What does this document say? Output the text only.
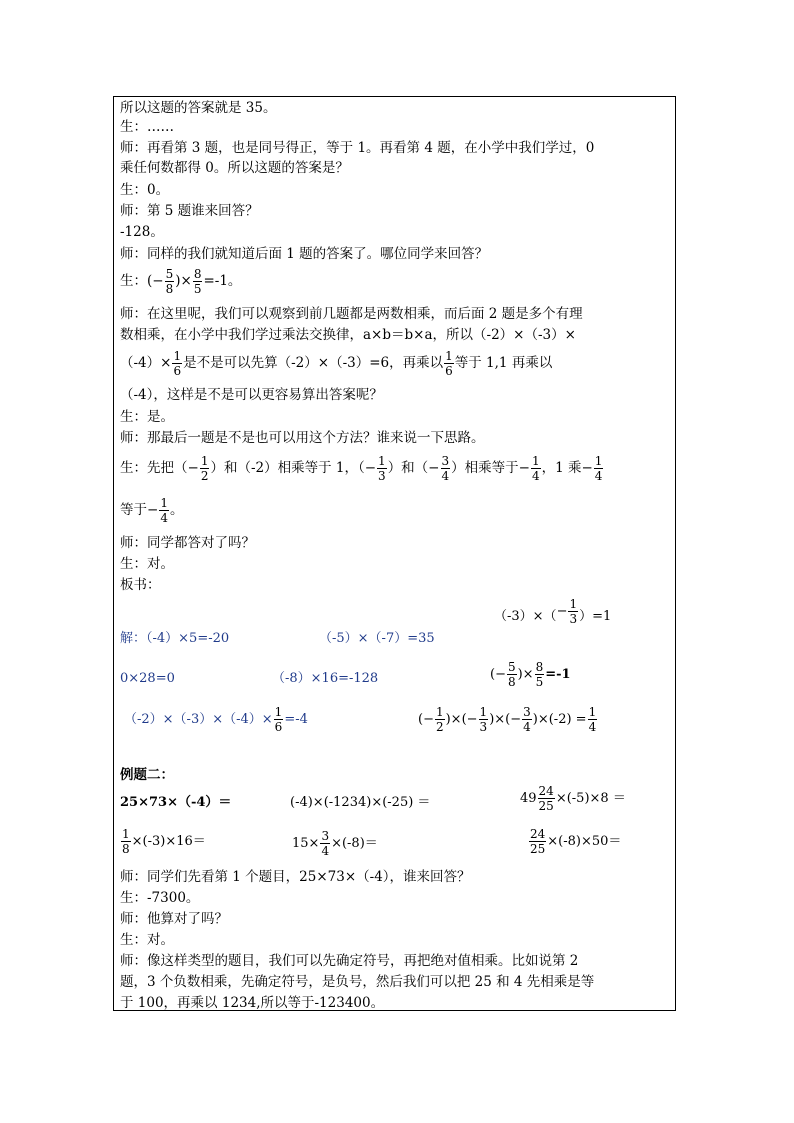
所以这题的答案就是 35。
生：……
师：再看第 3 题，也是同号得正，等于 1。再看第 4 题，在小学中我们学过，0
乘任何数都得 0。所以这题的答案是？
生：0。
师：第 5 题谁来回答？
-128。
师：同样的我们就知道后面 1 题的答案了。哪位同学来回答？
生：(− $\frac{5}{8}$ )× $\frac{8}{5} =-1$。
师：在这里呢，我们可以观察到前几题都是两数相乘，而后面 2 题是多个有理
数相乘，在小学中我们学过乘法交换律，a×b＝b×a，所以（-2）×（-3）×
$(-4)\times \frac{1}{6}$ 是不是可以先算（-2）×（-3）=6，再乘以 $\frac{1}{6}$ 等于 1,1 再乘以
（-4），这样是不是可以更容易算出答案呢？
生：是。
师：那最后一题是不是也可以用这个方法？谁来说一下思路。
生：先把（− $\frac{1}{2}$ ）和（-2）相乘等于 1，（− $\frac{1}{3}$ ）和（− $\frac{3}{4}$ ）相乘等于− $\frac{1}{4}$ ，1 乘− $\frac{1}{4}$
等于− $\frac{1}{4}$ 。
师：同学都答对了吗？
生：对。
板书：
解：（-4）×5=-20	（-5）×（-7）=35
$(-3)\times(- \frac{1}{3} )=1$
0×28=0	（-8）×16=-128	(− $\frac{5}{8}$ )× $\frac{8}{5} =-1$
$(-2)\times(-3)\times(-4)\times \frac{1}{6} =-4$	(− $\frac{1}{2}$ )×(− $\frac{1}{3}$ )×(− $\frac{3}{4} )\times(-2) = \frac{1}{4}$
例题二：
25×73×（-4）＝	(-4)×(-1234)×(-25) ＝	$49 \frac{24}{25} \times(-5)\times 8$ ＝
$\frac{1}{8} \times(-3)\times 16=$	$15\times \frac{3}{4} \times(-8)=$	$\frac{24}{25} \times(-8)\times 50=$
师：同学们先看第 1 个题目，25×73×（-4），谁来回答？
生：-7300。
师：他算对了吗？
生：对。
师：像这样类型的题目，我们可以先确定符号，再把绝对值相乘。比如说第 2
题，3 个负数相乘，先确定符号，是负号，然后我们可以把 25 和 4 先相乘是等
于 100，再乘以 1234,所以等于-123400。
